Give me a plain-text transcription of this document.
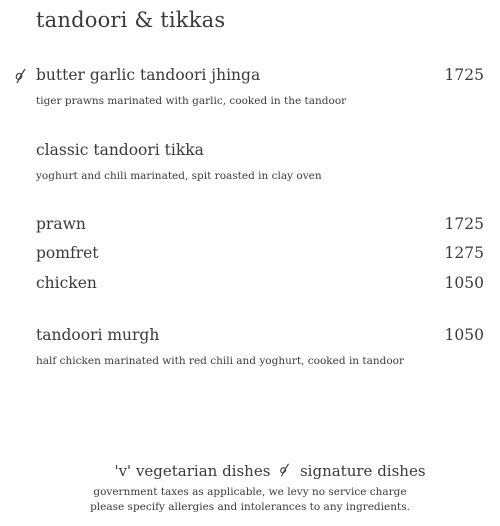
tandoori & tikkas
butter garlic tandoori jhinga	1725
tiger prawns marinated with garlic, cooked in the tandoor
classic tandoori tikka
yoghurt and chili marinated, spit roasted in clay oven
prawn	1725
pomfret	1275
chicken	1050
tandoori murgh	1050
half chicken marinated with red chili and yoghurt, cooked in tandoor
'v' vegetarian dishes signature dishes
government taxes as applicable, we levy no service charge
please specify allergies and intolerances to any ingredients.
